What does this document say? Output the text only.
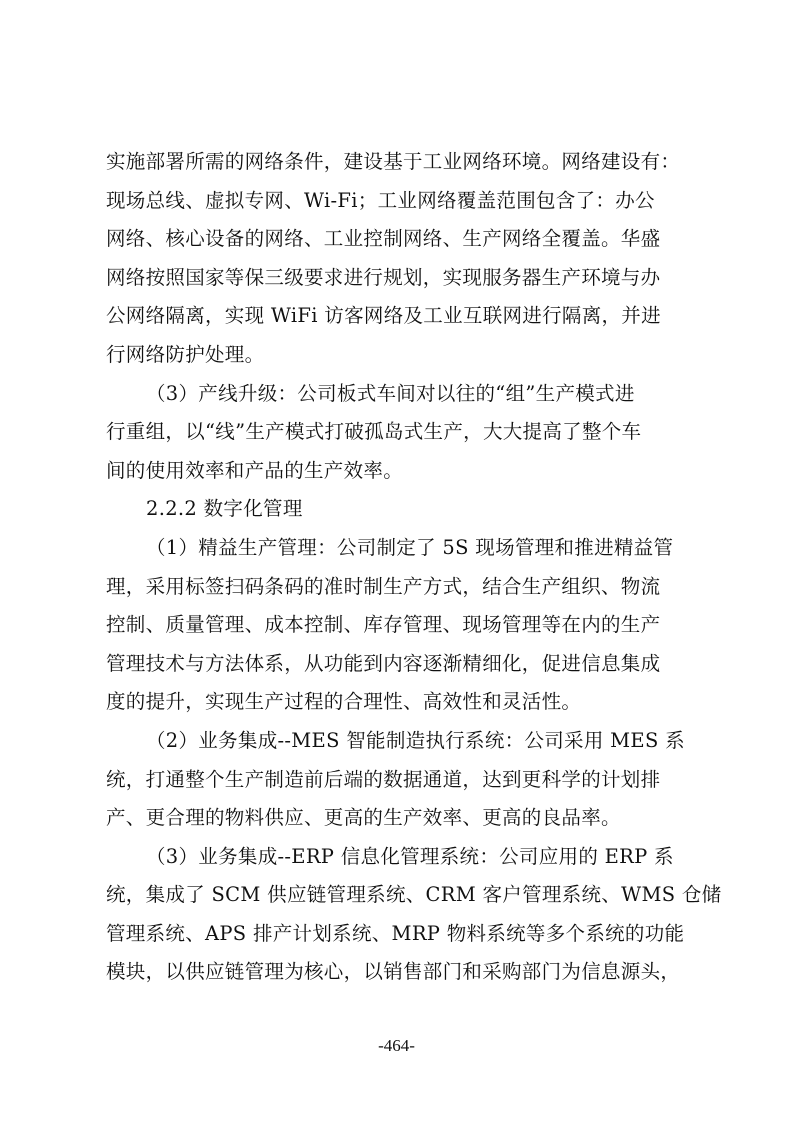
实施部署所需的网络条件，建设基于工业网络环境。网络建设有：
现场总线、虚拟专网、Wi-Fi；工业网络覆盖范围包含了：办公
网络、核心设备的网络、工业控制网络、生产网络全覆盖。华盛
网络按照国家等保三级要求进行规划，实现服务器生产环境与办
公网络隔离，实现 WiFi 访客网络及工业互联网进行隔离，并进
行网络防护处理。
（3）产线升级：公司板式车间对以往的“组”生产模式进
行重组，以“线”生产模式打破孤岛式生产，大大提高了整个车
间的使用效率和产品的生产效率。
2.2.2 数字化管理
（1）精益生产管理：公司制定了 5S 现场管理和推进精益管
理，采用标签扫码条码的准时制生产方式，结合生产组织、物流
控制、质量管理、成本控制、库存管理、现场管理等在内的生产
管理技术与方法体系，从功能到内容逐渐精细化，促进信息集成
度的提升，实现生产过程的合理性、高效性和灵活性。
（2）业务集成--MES 智能制造执行系统：公司采用 MES 系
统，打通整个生产制造前后端的数据通道，达到更科学的计划排
产、更合理的物料供应、更高的生产效率、更高的良品率。
（3）业务集成--ERP 信息化管理系统：公司应用的 ERP 系
统，集成了 SCM 供应链管理系统、CRM 客户管理系统、WMS 仓储
管理系统、APS 排产计划系统、MRP 物料系统等多个系统的功能
模块，以供应链管理为核心，以销售部门和采购部门为信息源头，
-464-
